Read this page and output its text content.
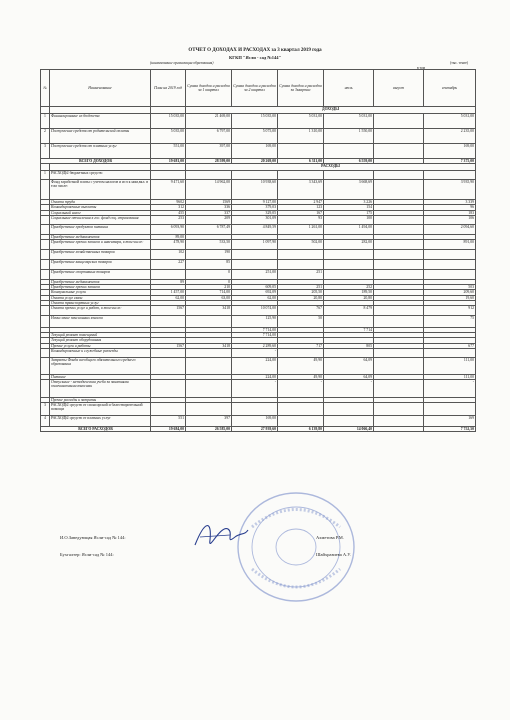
ОТЧЕТ О ДОХОДАХ И РАСХОДАХ за 3 квартал 2019 года
КГКП "Ясли - сад №144"
(наименование организации образования)	(тыс. тенге)
в том
№	Наименование	План на 2019 год	Сумма доходов и расходов за 1 квартал	Сумма доходов и расходов за 2 квартал	Сумма доходов и расходов за 3квартал	июль	август	сентябрь
			ДОХОДЫ					
1	Финансирование из бюджета	15 035,00	21 469,00	15 035,00	5 031,00	5 031,00		5 031,00
2	Поступление средств от родительской оплаты	5 035,00	6 797,00	5 075,00	1 310,00	1 550,00		2 235,00
3	Поступление средств от платных услуг	551,00	397,00	169,00				169,00
ВСЕГО ДОХОДОВ		19 681,00	28 599,00	20 269,00	6 311,00	6 559,00		7 375,00
			РАСХОДЫ					
1	РАСХОДЫ бюджетных средств:							
	Фонд заработной платы с учетом налогов и исч к ним,вкл. в том числе:	9 471,60	14 962,00	10 938,60	3 343,69	3 668,69		3 935,90
	Оплата труда	9602	1569	9 127,00	2 947	3 226		3 339
	Командировочные выплаты	312	336	379,03	123	154		96
	Социальный налог	455	337	329,05	167	175		183
	Социальные отчисления в гос. фонд соц. страхования	253	209	301,09	93	100		106
	Приобретение продуктов питания	6 093,90	6 787,49	4 849,59	1 261,00	1 494,00		2 094,60
	Приобретение медикаментов	89,00						
	Приобретение прочих запасов и инвентаря, в том числе:	478,90	533,50	1 097,90	502,00	282,00		891,00
	Приобретение хозяйственных товаров	102	190					
	Приобретение канцелярских товаров	227	85					
	Приобретение спортивных товаров		0	251,00	251			
	Приобретение медикаментов	89	0					
	Приобретение прочих запасов		210	609,05	251	252		503
	Коммунальные услуги	1 457,00	714,00	692,09	205,50	189,50		209,60
	Оплата услуг связи	62,00	63,00	62,00	20,80	20,80		19,60
	Оплата транспортных услуг							
	Оплата прочих услуг и работ, в том числе:	1567	3418	10 074,00	767	8 479		912
	Начисление пенсионных взносов			125,90	50			75
				7 714,00		7 714		
	Текущий ремонт помещений			7 714,00				
	Текущий ремонт оборудования							
	Прочие услуги и работы	1567	3418	2 289,60	717	805		677
	Командировочные и служебные разъезды			-				
	Затраты Фонда всеобщего обязательного среднего образования			224,00	49,90	64,09		111,00
	Питание			224,00	49,90	64,09		111,00
	Отпускные - методическая учеба за занятиями оплачиваемыми взносами			-	-	-		-
	Прочие расходы и затраты							
3	РАСХОДЫ средств от спонсорской и благотворительной помощи							
4	РАСХОДЫ средств от платных услуг	551	397	169,00				169
ВСЕГО РАСХОДОВ		19 684,00	26 585,00	27 939,60	6 139,80	14 066,40		7 752,50
И.О.Заведующая Ясли-сад № 144:	Ахметова Р.М.
Бухгалтер: Ясли-сад № 144:	Шайхразиева А.У.
